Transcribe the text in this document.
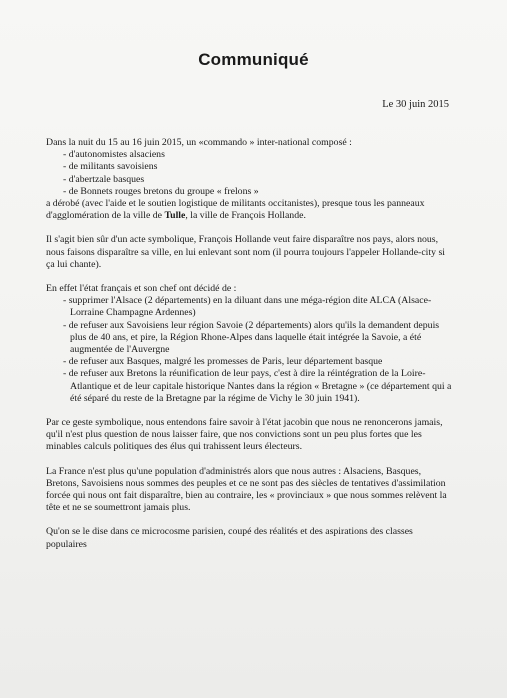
Communiqué
Le 30 juin 2015
Dans la nuit du 15 au 16 juin 2015, un «commando » inter-national composé :
- d'autonomistes alsaciens
- de militants savoisiens
- d'abertzale basques
- de Bonnets rouges bretons du groupe « frelons »

a dérobé (avec l'aide et le soutien logistique de militants occitanistes), presque tous les panneaux d'agglomération de la ville de Tulle, la ville de François Hollande.

Il s'agit bien sûr d'un acte symbolique, François Hollande veut faire disparaître nos pays, alors nous, nous faisons disparaître sa ville, en lui enlevant sont nom (il pourra toujours l'appeler Hollande-city si ça lui chante).

En effet l'état français et son chef ont décidé de :
- supprimer l'Alsace (2 départements) en la diluant dans une méga-région dite ALCA (Alsace-Lorraine Champagne Ardennes)
- de refuser aux Savoisiens leur région Savoie (2 départements) alors qu'ils la demandent depuis plus de 40 ans, et pire, la Région Rhone-Alpes dans laquelle était intégrée la Savoie, a été augmentée de l'Auvergne
- de refuser aux Basques, malgré les promesses de Paris, leur département basque
- de refuser aux Bretons la réunification de leur pays, c'est à dire la réintégration de la Loire-Atlantique et de leur capitale historique Nantes dans la région « Bretagne » (ce département qui a été séparé du reste de la Bretagne par la régime de Vichy le 30 juin 1941).

Par ce geste symbolique, nous entendons faire savoir à l'état jacobin que nous ne renoncerons jamais, qu'il n'est plus question de nous laisser faire, que nos convictions sont un peu plus fortes que les minables calculs politiques des élus qui trahissent leurs électeurs.

La France n'est plus qu'une population d'administrés alors que nous autres : Alsaciens, Basques, Bretons, Savoisiens nous sommes des peuples et ce ne sont pas des siècles de tentatives d'assimilation forcée qui nous ont fait disparaître, bien au contraire, les « provinciaux » que nous sommes relèvent la tête et ne se soumettront jamais plus.

Qu'on se le dise dans ce microcosme parisien, coupé des réalités et des aspirations des classes populaires
